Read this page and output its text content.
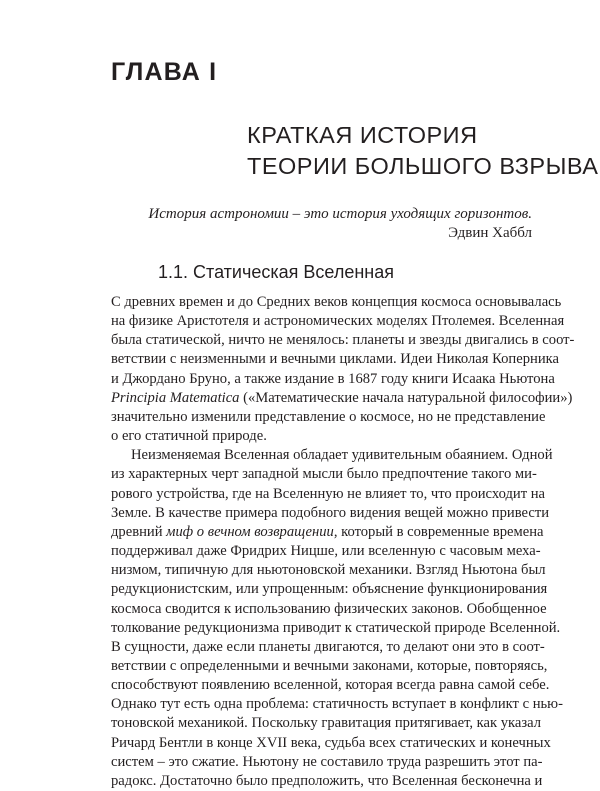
ГЛАВА I
КРАТКАЯ ИСТОРИЯ
ТЕОРИИ БОЛЬШОГО ВЗРЫВА
История астрономии – это история уходящих горизонтов.
Эдвин Хаббл
1.1. Статическая Вселенная

С древних времен и до Средних веков концепция космоса основывалась
на физике Аристотеля и астрономических моделях Птолемея. Вселенная
была статической, ничто не менялось: планеты и звезды двигались в соот-
ветствии с неизменными и вечными циклами. Идеи Николая Коперника
и Джордано Бруно, а также издание в 1687 году книги Исаака Ньютона
Principia Matematica («Математические начала натуральной философии»)
значительно изменили представление о космосе, но не представление
о его статичной природе.

Неизменяемая Вселенная обладает удивительным обаянием. Одной
из характерных черт западной мысли было предпочтение такого ми-
рового устройства, где на Вселенную не влияет то, что происходит на
Земле. В качестве примера подобного видения вещей можно привести
древний миф о вечном возвращении, который в современные времена
поддерживал даже Фридрих Ницше, или вселенную с часовым меха-
низмом, типичную для ньютоновской механики. Взгляд Ньютона был
редукционистским, или упрощенным: объяснение функционирования
космоса сводится к использованию физических законов. Обобщенное
толкование редукционизма приводит к статической природе Вселенной.
В сущности, даже если планеты двигаются, то делают они это в соот-
ветствии с определенными и вечными законами, которые, повторяясь,
способствуют появлению вселенной, которая всегда равна самой себе.
Однако тут есть одна проблема: статичность вступает в конфликт с нью-
тоновской механикой. Поскольку гравитация притягивает, как указал
Ричард Бентли в конце XVII века, судьба всех статических и конечных
систем – это сжатие. Ньютону не составило труда разрешить этот па-
радокс. Достаточно было предположить, что Вселенная бесконечна и
